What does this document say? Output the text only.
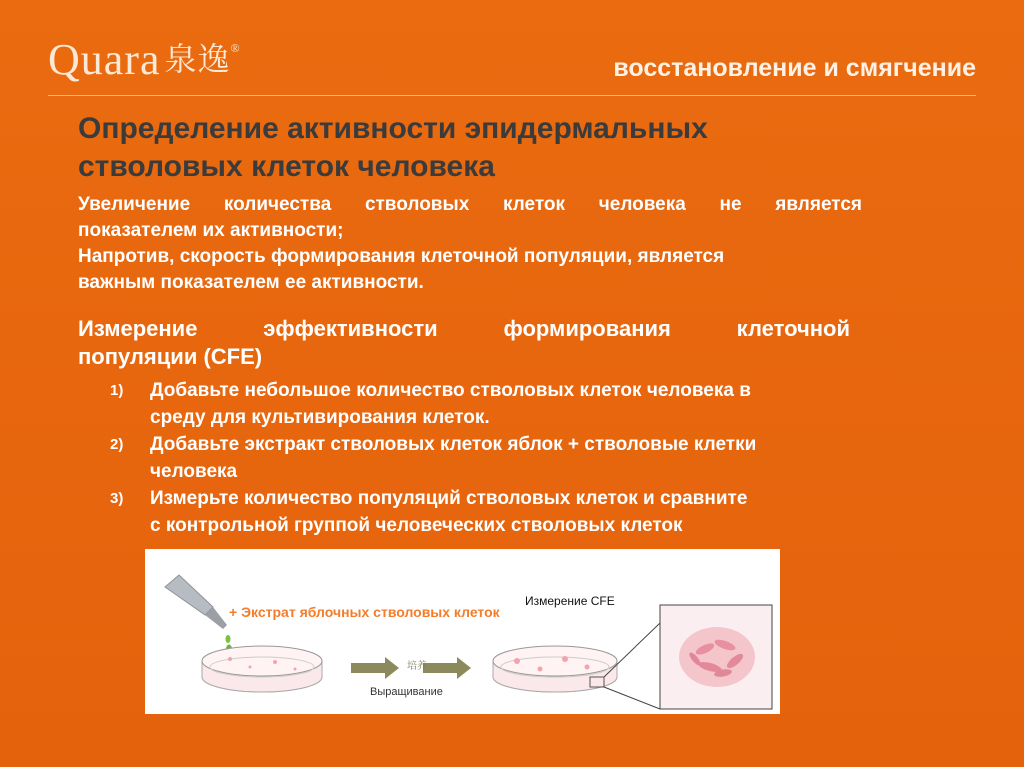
Quara 泉逸®
восстановление и смягчение
Определение активности эпидермальных
стволовых клеток человека

Увеличение количества стволовых клеток человека не является

показателем их активности;

Напротив, скорость формирования клеточной популяции, является

важным показателем ее активности.

Измерение эффективности формирования клеточной
популяции (CFE)
1) Добавьте небольшое количество стволовых клеток человека в
среду для культивирования клеток.
2) Добавьте экстракт стволовых клеток яблок + стволовые клетки
человека
3) Измерьте количество популяций стволовых клеток и сравните
с контрольной группой человеческих стволовых клеток
+ Экстрат яблочных стволовых клеток
Измерение CFE
培养
Выращивание
